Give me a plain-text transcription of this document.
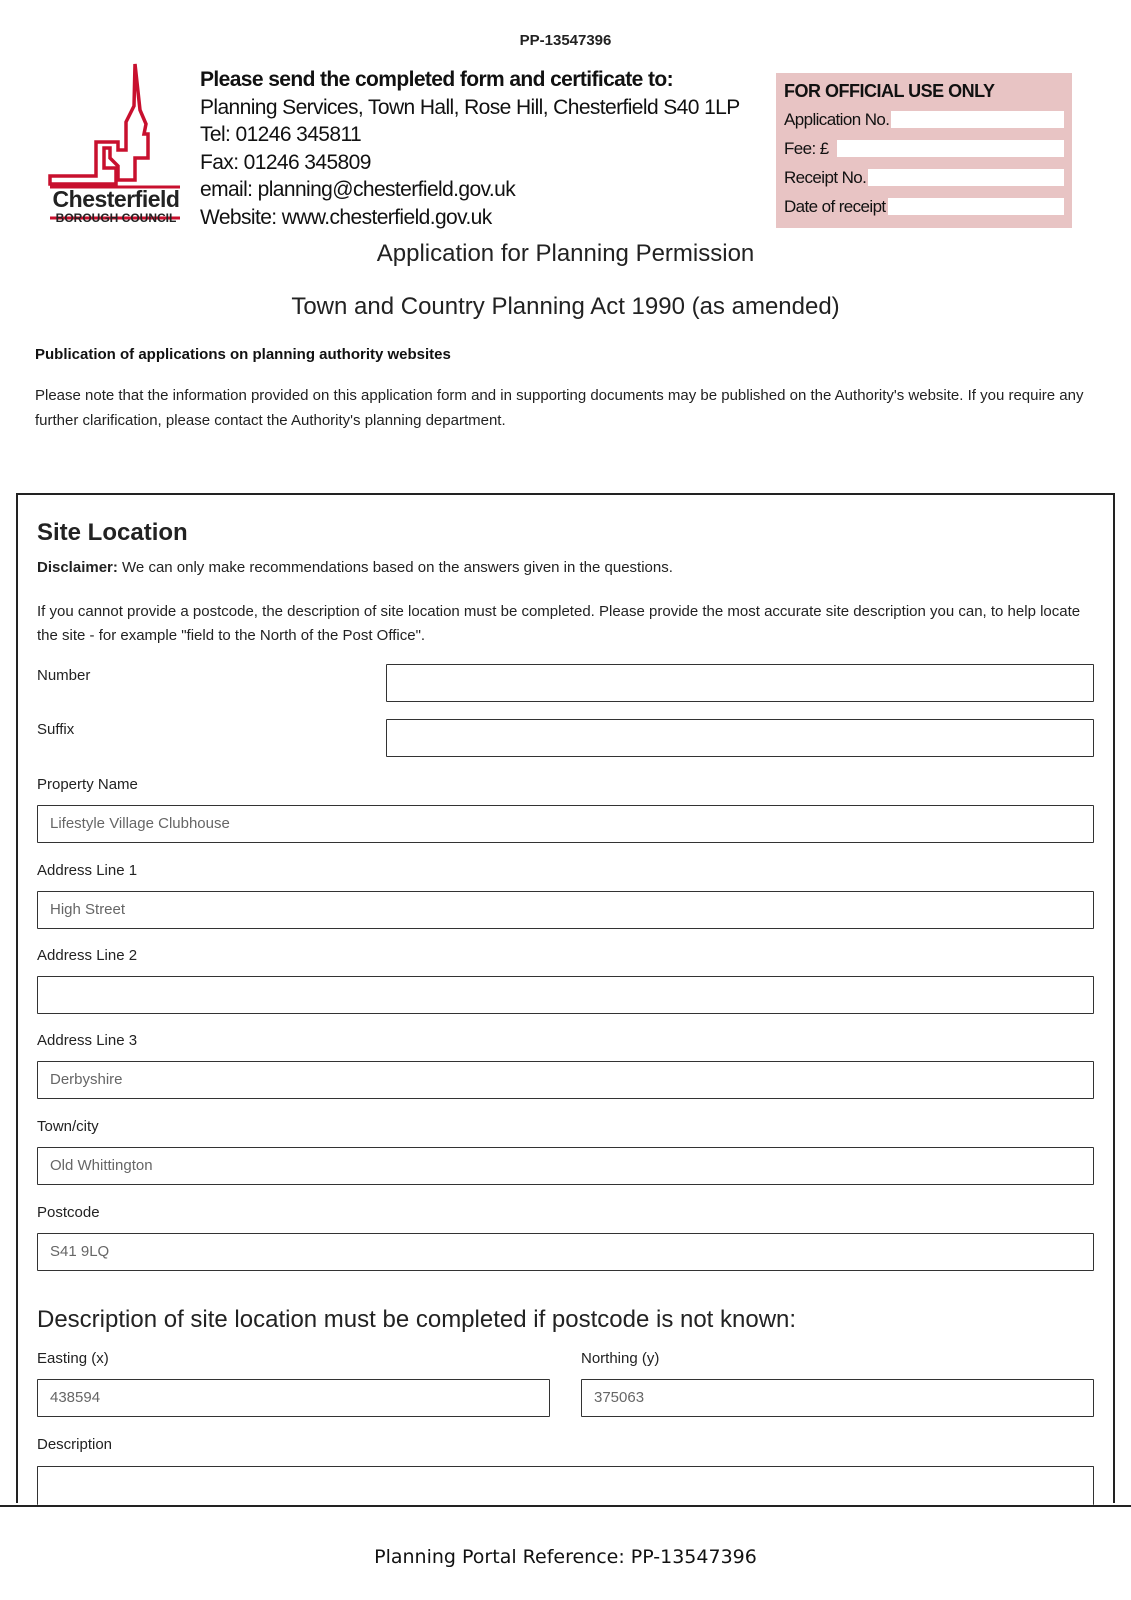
PP-13547396
Chesterfield
BOROUGH COUNCIL
Please send the completed form and certificate to:
Planning Services, Town Hall, Rose Hill, Chesterfield S40 1LP
Tel: 01246 345811
Fax: 01246 345809
email: planning@chesterfield.gov.uk
Website: www.chesterfield.gov.uk
FOR OFFICIAL USE ONLY
Application No.
Fee: £
Receipt No.
Date of receipt
Application for Planning Permission
Town and Country Planning Act 1990 (as amended)
Publication of applications on planning authority websites
Please note that the information provided on this application form and in supporting documents may be published on the Authority's website. If you require any further clarification, please contact the Authority's planning department.
Site Location
Disclaimer: We can only make recommendations based on the answers given in the questions.
If you cannot provide a postcode, the description of site location must be completed. Please provide the most accurate site description you can, to help locate the site - for example "field to the North of the Post Office".
Number
Suffix
Property Name
Lifestyle Village Clubhouse
Address Line 1
High Street
Address Line 2
Address Line 3
Derbyshire
Town/city
Old Whittington
Postcode
S41 9LQ
Description of site location must be completed if postcode is not known:
Easting (x)
438594
Northing (y)
375063
Description
Planning Portal Reference: PP-13547396
